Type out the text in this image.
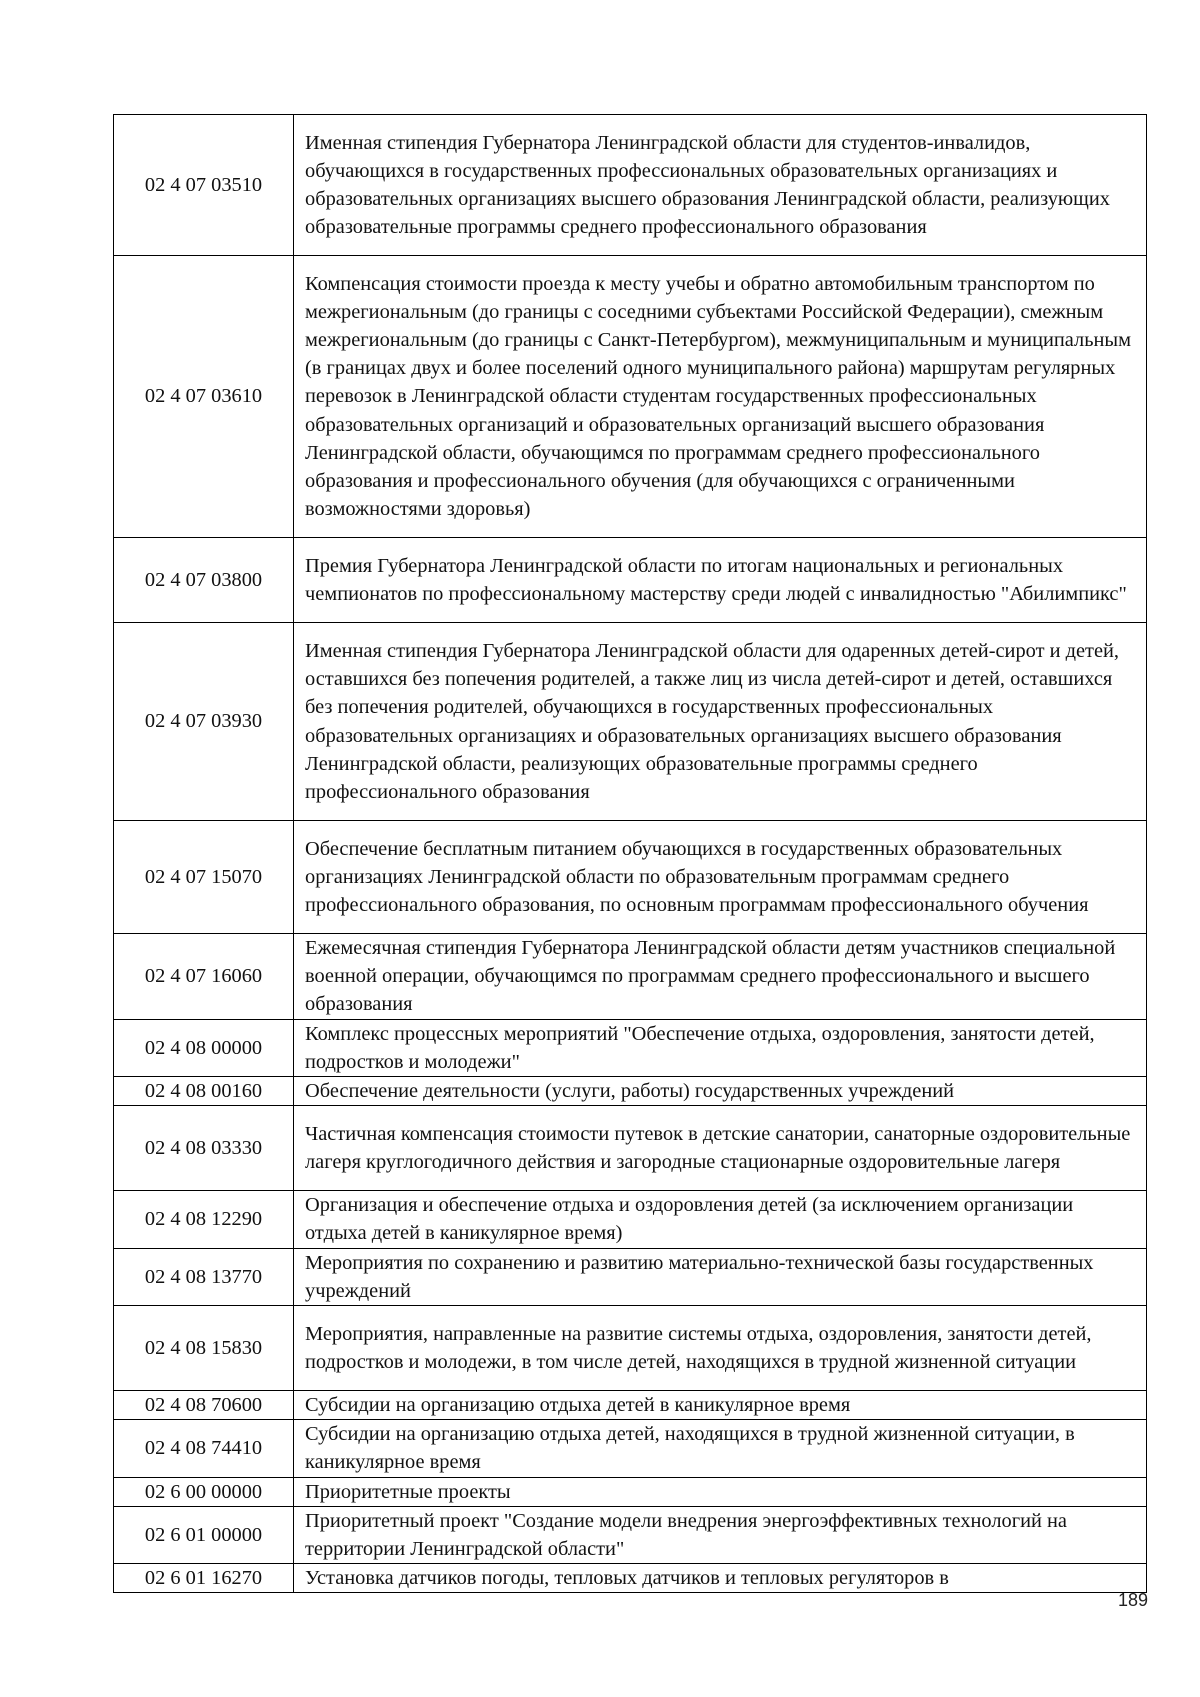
02 4 07 03510	Именная стипендия Губернатора Ленинградской области для студентов-инвалидов, обучающихся в государственных профессиональных образовательных организациях и образовательных организациях высшего образования Ленинградской области, реализующих образовательные программы среднего профессионального образования
02 4 07 03610	Компенсация стоимости проезда к месту учебы и обратно автомобильным транспортом по межрегиональным (до границы с соседними субъектами Российской Федерации), смежным межрегиональным (до границы с Санкт-Петербургом), межмуниципальным и муниципальным (в границах двух и более поселений одного муниципального района) маршрутам регулярных перевозок в Ленинградской области студентам государственных профессиональных образовательных организаций и образовательных организаций высшего образования Ленинградской области, обучающимся по программам среднего профессионального образования и профессионального обучения (для обучающихся с ограниченными возможностями здоровья)
02 4 07 03800	Премия Губернатора Ленинградской области по итогам национальных и региональных чемпионатов по профессиональному мастерству среди людей с инвалидностью "Абилимпикс"
02 4 07 03930	Именная стипендия Губернатора Ленинградской области для одаренных детей-сирот и детей, оставшихся без попечения родителей, а также лиц из числа детей-сирот и детей, оставшихся без попечения родителей, обучающихся в государственных профессиональных образовательных организациях и образовательных организациях высшего образования Ленинградской области, реализующих образовательные программы среднего профессионального образования
02 4 07 15070	Обеспечение бесплатным питанием обучающихся в государственных образовательных организациях Ленинградской области по образовательным программам среднего профессионального образования, по основным программам профессионального обучения
02 4 07 16060	Ежемесячная стипендия Губернатора Ленинградской области детям участников специальной военной операции, обучающимся по программам среднего профессионального и высшего образования
02 4 08 00000	Комплекс процессных мероприятий "Обеспечение отдыха, оздоровления, занятости детей, подростков и молодежи"
02 4 08 00160	Обеспечение деятельности (услуги, работы) государственных учреждений
02 4 08 03330	Частичная компенсация стоимости путевок в детские санатории, санаторные оздоровительные лагеря круглогодичного действия и загородные стационарные оздоровительные лагеря
02 4 08 12290	Организация и обеспечение отдыха и оздоровления детей (за исключением организации отдыха детей в каникулярное время)
02 4 08 13770	Мероприятия по сохранению и развитию материально-технической базы государственных учреждений
02 4 08 15830	Мероприятия, направленные на развитие системы отдыха, оздоровления, занятости детей, подростков и молодежи, в том числе детей, находящихся в трудной жизненной ситуации
02 4 08 70600	Субсидии на организацию отдыха детей в каникулярное время
02 4 08 74410	Субсидии на организацию отдыха детей, находящихся в трудной жизненной ситуации, в каникулярное время
02 6 00 00000	Приоритетные проекты
02 6 01 00000	Приоритетный проект "Создание модели внедрения энергоэффективных технологий на территории Ленинградской области"
02 6 01 16270	Установка датчиков погоды, тепловых датчиков и тепловых регуляторов в
189
